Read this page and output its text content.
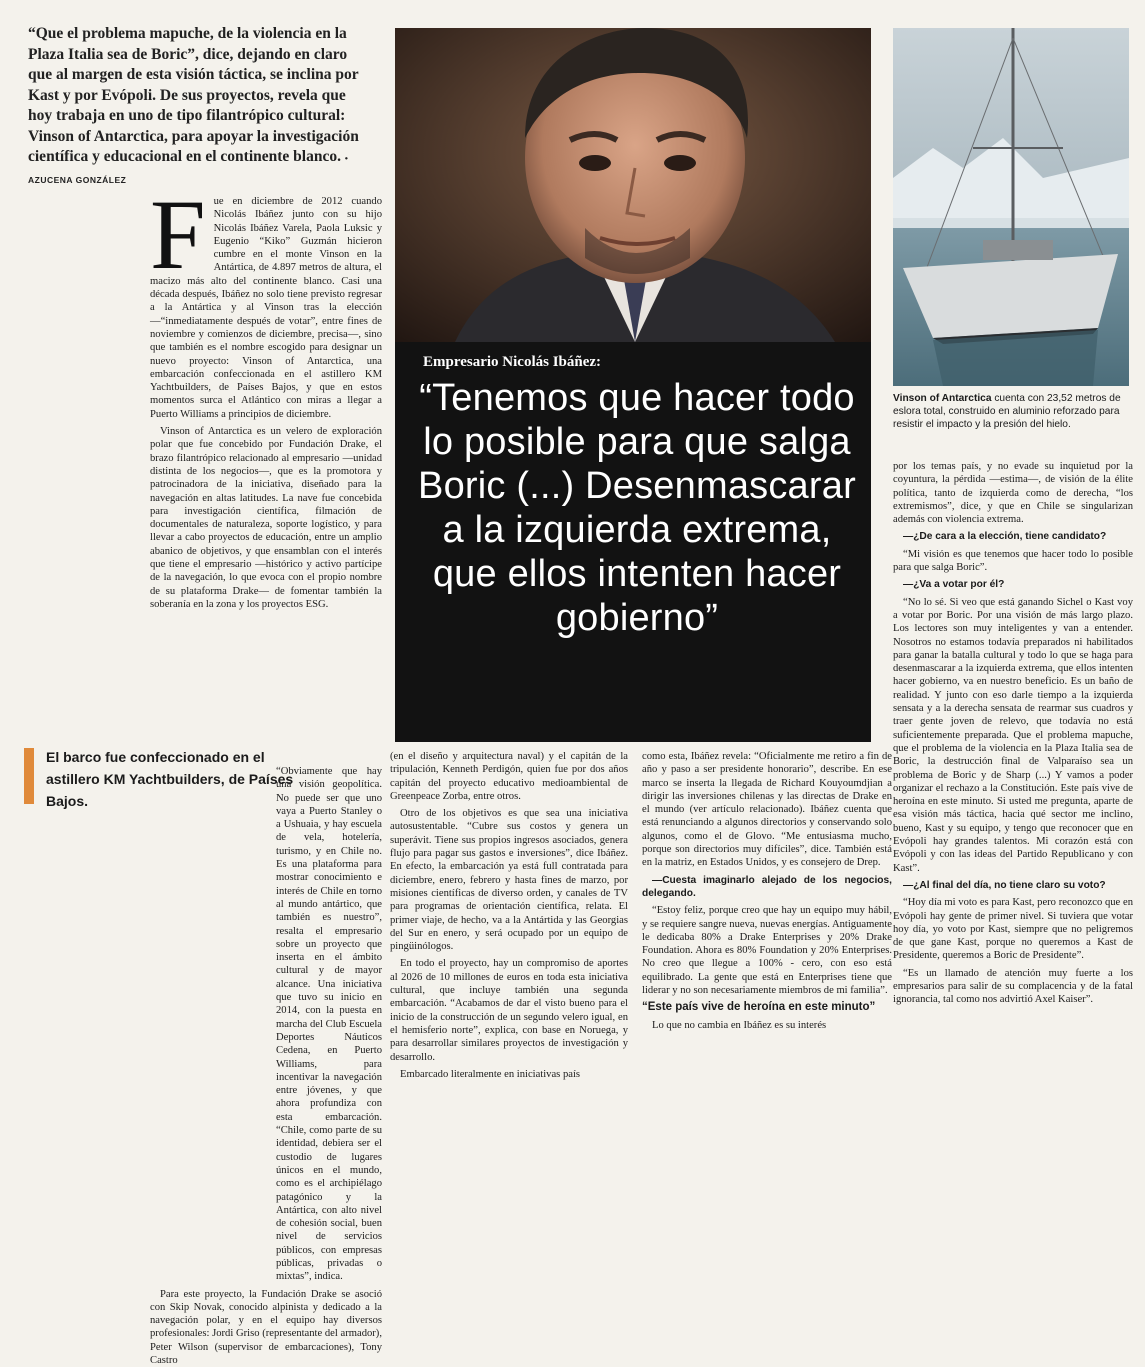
“Que el problema mapuche, de la violencia en la Plaza Italia sea de Boric”, dice, dejando en claro que al margen de esta visión táctica, se inclina por Kast y por Evópoli. De sus proyectos, revela que hoy trabaja en uno de tipo filantrópico cultural: Vinson of Antarctica, para apoyar la investigación científica y educacional en el continente blanco. • AZUCENA GONZÁLEZ F ue en diciembre de 2012 cuando Nicolás Ibáñez junto con su hijo Nicolás Ibáñez Varela, Paola Luksic y Eugenio “Kiko” Guzmán hicieron cumbre en el monte Vinson en la Antártica, de 4.897 metros de altura, el macizo más alto del continente blanco. Casi una década después, Ibáñez no solo tiene previsto regresar a la Antártica y al Vinson tras la elección —“inmediatamente después de votar”, entre fines de noviembre y comienzos de diciembre, precisa—, sino que también es el nombre escogido para designar un nuevo proyecto: Vinson of Antarctica, una embarcación confeccionada en el astillero KM Yachtbuilders, de Países Bajos, y que en estos momentos surca el Atlántico con miras a llegar a Puerto Williams a principios de diciembre.

Vinson of Antarctica es un velero de exploración polar que fue concebido por Fundación Drake, el brazo filantrópico relacionado al empresario —unidad distinta de los negocios—, que es la promotora y patrocinadora de la iniciativa, diseñado para la navegación en altas latitudes. La nave fue concebida para investigación científica, filmación de documentales de naturaleza, soporte logístico, y para llevar a cabo proyectos de educación, entre un amplio abanico de objetivos, y que ensamblan con el interés que tiene el empresario —histórico y activo partícipe de la navegación, lo que evoca con el propio nombre de su plataforma Drake— de fomentar también la soberanía en la zona y los proyectos ESG.

“Obviamente que hay una visión geopolítica. No puede ser que uno vaya a Puerto Stanley o a Ushuaia, y hay escuela de vela, hotelería, turismo, y en Chile no. Es una plataforma para mostrar conocimiento e interés de Chile en torno al mundo antártico, que también es nuestro”, resalta el empresario sobre un proyecto que inserta en el ámbito cultural y de mayor alcance. Una iniciativa que tuvo su inicio en 2014, con la puesta en marcha del Club Escuela Deportes Náuticos Cedena, en Puerto Williams, para incentivar la navegación entre jóvenes, y que ahora profundiza con esta embarcación. “Chile, como parte de su identidad, debiera ser el custodio de lugares únicos en el mundo, como es el archipiélago patagónico y la Antártica, con alto nivel de cohesión social, buen nivel de servicios públicos, con empresas públicas, privadas o mixtas”, indica.

Para este proyecto, la Fundación Drake se asoció con Skip Novak, conocido alpinista y dedicado a la navegación polar, y en el equipo hay diversos profesionales: Jordi Griso (representante del armador), Peter Wilson (supervisor de embarcaciones), Tony Castro

El barco fue confeccionado en el astillero KM Yachtbuilders, de Países Bajos.
Empresario Nicolás Ibáñez:
“Tenemos que hacer todo lo posible para que salga Boric (...) Desenmascarar a la izquierda extrema, que ellos intenten hacer gobierno”
Vinson of Antarctica cuenta con 23,52 metros de eslora total, construido en aluminio reforzado para resistir el impacto y la presión del hielo.

(en el diseño y arquitectura naval) y el capitán de la tripulación, Kenneth Perdigón, quien fue por dos años capitán del proyecto educativo medioambiental de Greenpeace Zorba, entre otros.

Otro de los objetivos es que sea una iniciativa autosustentable. “Cubre sus costos y genera un superávit. Tiene sus propios ingresos asociados, genera flujo para pagar sus gastos e inversiones”, dice Ibáñez. En efecto, la embarcación ya está full contratada para diciembre, enero, febrero y hasta fines de marzo, por misiones científicas de diverso orden, y canales de TV para programas de orientación científica, relata. El primer viaje, de hecho, va a la Antártida y las Georgias del Sur en enero, y será ocupado por un equipo de pingüinólogos.

En todo el proyecto, hay un compromiso de aportes al 2026 de 10 millones de euros en toda esta iniciativa cultural, que incluye también una segunda embarcación. “Acabamos de dar el visto bueno para el inicio de la construcción de un segundo velero igual, en el hemisferio norte”, explica, con base en Noruega, y para desarrollar similares proyectos de investigación y desarrollo.

Embarcado literalmente en iniciativas país

como esta, Ibáñez revela: “Oficialmente me retiro a fin de año y paso a ser presidente honorario”, describe. En ese marco se inserta la llegada de Richard Kouyoumdjian a dirigir las inversiones chilenas y las directas de Drake en el mundo (ver artículo relacionado). Ibáñez cuenta que está renunciando a algunos directorios y conservando solo algunos, como el de Glovo. “Me entusiasma mucho, porque son directorios muy difíciles”, dice. También está en la matriz, en Estados Unidos, y es consejero de Drep.

—Cuesta imaginarlo alejado de los negocios, delegando.

“Estoy feliz, porque creo que hay un equipo muy hábil, y se requiere sangre nueva, nuevas energías. Antiguamente le dedicaba 80% a Drake Enterprises y 20% Drake Foundation. Ahora es 80% Foundation y 20% Enterprises. No creo que llegue a 100% - cero, con eso está equilibrado. La gente que está en Enterprises tiene que liderar y no son necesariamente miembros de mi familia”.

“Este país vive de heroína en este minuto”

Lo que no cambia en Ibáñez es su interés

por los temas país, y no evade su inquietud por la coyuntura, la pérdida —estima—, de visión de la élite política, tanto de izquierda como de derecha, “los extremismos”, dice, y que en Chile se singularizan además con violencia extrema.

—¿De cara a la elección, tiene candidato?

“Mi visión es que tenemos que hacer todo lo posible para que salga Boric”.

—¿Va a votar por él?

“No lo sé. Si veo que está ganando Sichel o Kast voy a votar por Boric. Por una visión de más largo plazo. Los lectores son muy inteligentes y van a entender. Nosotros no estamos todavía preparados ni habilitados para ganar la batalla cultural y todo lo que se haga para desenmascarar a la izquierda extrema, que ellos intenten hacer gobierno, va en nuestro beneficio. Es un baño de realidad. Y junto con eso darle tiempo a la izquierda sensata y a la derecha sensata de rearmar sus cuadros y traer gente joven de relevo, que todavía no está suficientemente preparada. Que el problema mapuche, que el problema de la violencia en la Plaza Italia sea de Boric, la destrucción final de Valparaíso sea un problema de Boric y de Sharp (...) Y vamos a poder organizar el rechazo a la Constitución. Este país vive de heroína en este minuto. Si usted me pregunta, aparte de esa visión más táctica, hacia qué sector me inclino, bueno, Kast y su equipo, y tengo que reconocer que en Evópoli hay grandes talentos. Mi corazón está con Evópoli y con las ideas del Partido Republicano y con Kast”.

—¿Al final del día, no tiene claro su voto?

“Hoy día mi voto es para Kast, pero reconozco que en Evópoli hay gente de primer nivel. Si tuviera que votar hoy día, yo voto por Kast, siempre que no peligremos de que gane Kast, porque no queremos a Kast de Presidente, queremos a Boric de Presidente”.

“Es un llamado de atención muy fuerte a los empresarios para salir de su complacencia y de la fatal ignorancia, tal como nos advirtió Axel Kaiser”.
